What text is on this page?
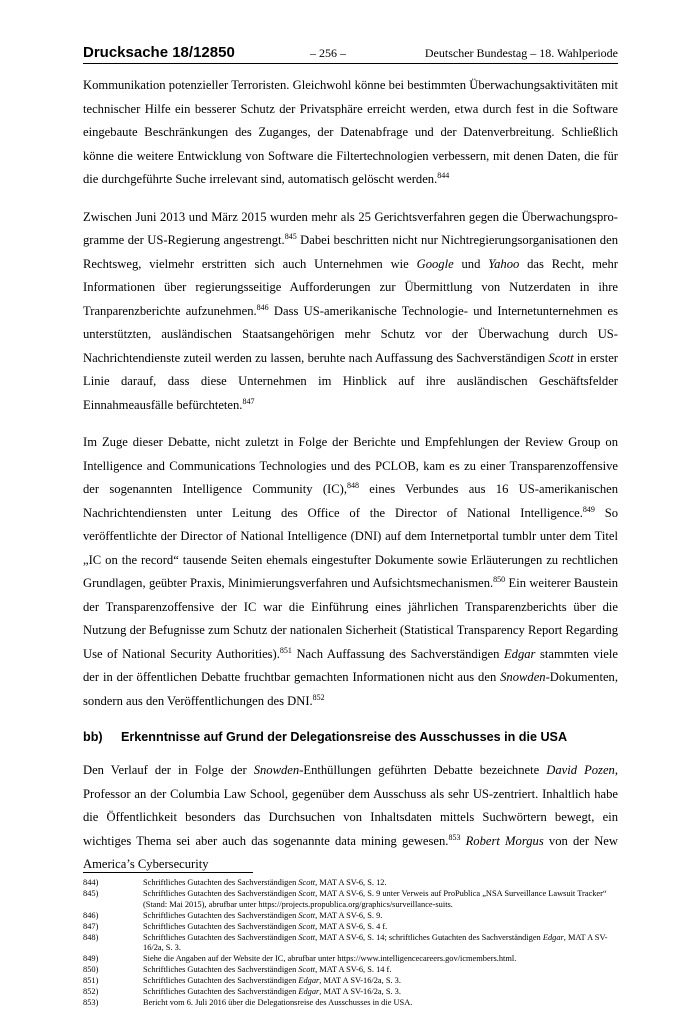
Drucksache 18/12850	– 256 –	Deutscher Bundestag – 18. Wahlperiode

Kommunikation potenzieller Terroristen. Gleichwohl könne bei bestimmten Überwachungsaktivitäten mit technischer Hilfe ein besserer Schutz der Privatsphäre erreicht werden, etwa durch fest in die Software eingebaute Beschränkungen des Zuganges, der Datenabfrage und der Datenverbreitung. Schließlich könne die weitere Entwicklung von Software die Filtertechnologien verbessern, mit denen Daten, die für die durchgeführte Suche irrelevant sind, automatisch gelöscht werden.$^{844}$

Zwischen Juni 2013 und März 2015 wurden mehr als 25 Gerichtsverfahren gegen die Überwachungsprogramme der US-Regierung angestrengt.$^{845}$ Dabei beschritten nicht nur Nichtregierungsorganisationen den Rechtsweg, vielmehr erstritten sich auch Unternehmen wie Google und Yahoo das Recht, mehr Informationen über regierungsseitige Aufforderungen zur Übermittlung von Nutzerdaten in ihre Tranparenzberichte aufzunehmen.$^{846}$ Dass US-amerikanische Technologie- und Internetunternehmen es unterstützten, ausländischen Staatsangehörigen mehr Schutz vor der Überwachung durch US-Nachrichtendienste zuteil werden zu lassen, beruhte nach Auffassung des Sachverständigen Scott in erster Linie darauf, dass diese Unternehmen im Hinblick auf ihre ausländischen Geschäftsfelder Einnahmeausfälle befürchteten.$^{847}$

Im Zuge dieser Debatte, nicht zuletzt in Folge der Berichte und Empfehlungen der Review Group on Intelligence and Communications Technologies und des PCLOB, kam es zu einer Transparenzoffensive der sogenannten Intelligence Community (IC),$^{848}$ eines Verbundes aus 16 US-amerikanischen Nachrichtendiensten unter Leitung des Office of the Director of National Intelligence.$^{849}$ So veröffentlichte der Director of National Intelligence (DNI) auf dem Internetportal tumblr unter dem Titel „IC on the record“ tausende Seiten ehemals eingestufter Dokumente sowie Erläuterungen zu rechtlichen Grundlagen, geübter Praxis, Minimierungsverfahren und Aufsichtsmechanismen.$^{850}$ Ein weiterer Baustein der Transparenzoffensive der IC war die Einführung eines jährlichen Transparenzberichts über die Nutzung der Befugnisse zum Schutz der nationalen Sicherheit (Statistical Transparency Report Regarding Use of National Security Authorities).$^{851}$ Nach Auffassung des Sachverständigen Edgar stammten viele der in der öffentlichen Debatte fruchtbar gemachten Informationen nicht aus den Snowden-Dokumenten, sondern aus den Veröffentlichungen des DNI.$^{852}$

bb) Erkenntnisse auf Grund der Delegationsreise des Ausschusses in die USA

Den Verlauf der in Folge der Snowden-Enthüllungen geführten Debatte bezeichnete David Pozen, Professor an der Columbia Law School, gegenüber dem Ausschuss als sehr US-zentriert. Inhaltlich habe die Öffentlichkeit besonders das Durchsuchen von Inhaltsdaten mittels Suchwörtern bewegt, ein wichtiges Thema sei aber auch das sogenannte data mining gewesen.$^{853}$ Robert Morgus von der New America’s Cybersecurity

844)	Schriftliches Gutachten des Sachverständigen Scott, MAT A SV-6, S. 12.
845)	Schriftliches Gutachten des Sachverständigen Scott, MAT A SV-6, S. 9 unter Verweis auf ProPublica „NSA Surveillance Lawsuit Tracker“ (Stand: Mai 2015), abrufbar unter https://projects.propublica.org/graphics/surveillance-suits.
846)	Schriftliches Gutachten des Sachverständigen Scott, MAT A SV-6, S. 9.
847)	Schriftliches Gutachten des Sachverständigen Scott, MAT A SV-6, S. 4 f.
848)	Schriftliches Gutachten des Sachverständigen Scott, MAT A SV-6, S. 14; schriftliches Gutachten des Sachverständigen Edgar, MAT A SV-16/2a, S. 3.
849)	Siehe die Angaben auf der Website der IC, abrufbar unter https://www.intelligencecareers.gov/icmembers.html.
850)	Schriftliches Gutachten des Sachverständigen Scott, MAT A SV-6, S. 14 f.
851)	Schriftliches Gutachten des Sachverständigen Edgar, MAT A SV-16/2a, S. 3.
852)	Schriftliches Gutachten des Sachverständigen Edgar, MAT A SV-16/2a, S. 3.
853)	Bericht vom 6. Juli 2016 über die Delegationsreise des Ausschusses in die USA.
